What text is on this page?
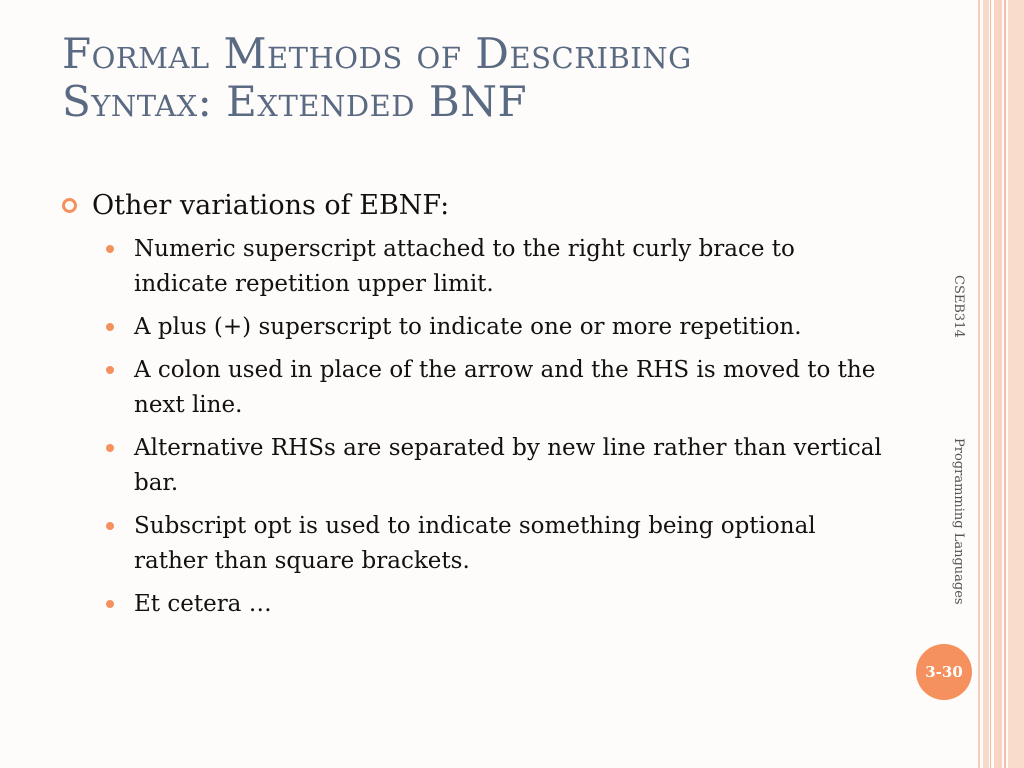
Formal Methods of Describing
Syntax: Extended BNF
Other variations of EBNF:
Numeric superscript attached to the right curly brace to indicate repetition upper limit.
A plus (+) superscript to indicate one or more repetition.
A colon used in place of the arrow and the RHS is moved to the next line.
Alternative RHSs are separated by new line rather than vertical bar.
Subscript opt is used to indicate something being optional rather than square brackets.
Et cetera …
CSEB314
Programming Languages
3-30
